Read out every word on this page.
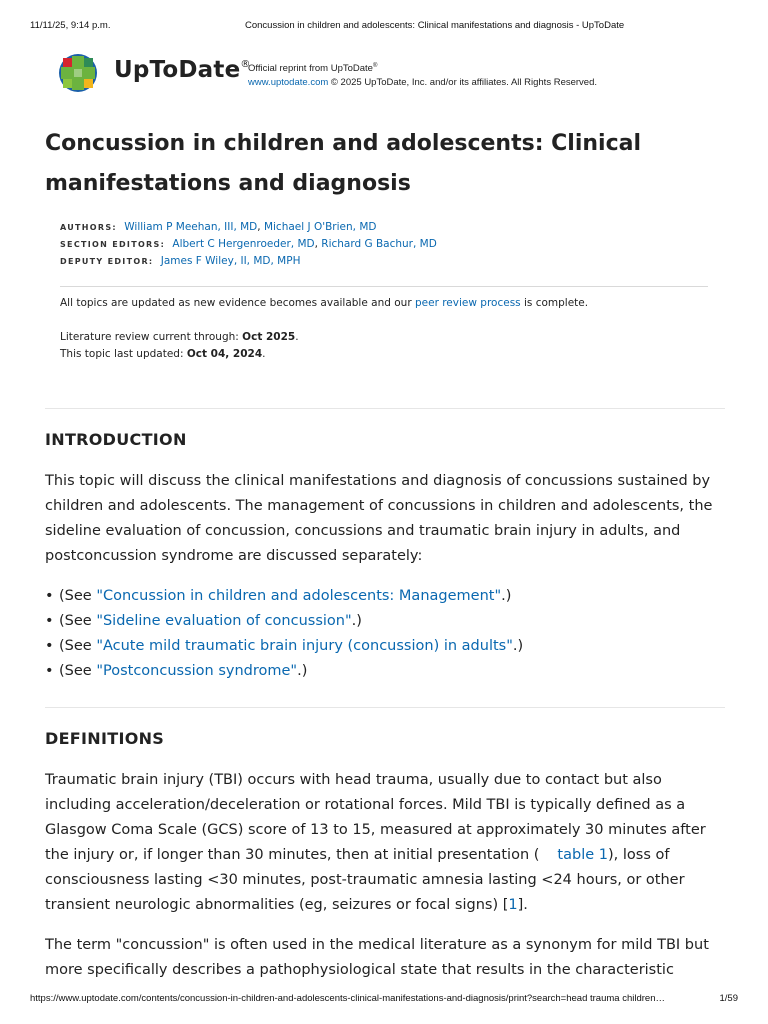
11/11/25, 9:14 p.m.	Concussion in children and adolescents: Clinical manifestations and diagnosis - UpToDate
UpToDate®
Official reprint from UpToDate®
www.uptodate.com © 2025 UpToDate, Inc. and/or its affiliates. All Rights Reserved.
Concussion in children and adolescents: Clinical manifestations and diagnosis
AUTHORS: William P Meehan, III, MD, Michael J O'Brien, MD
SECTION EDITORS: Albert C Hergenroeder, MD, Richard G Bachur, MD
DEPUTY EDITOR: James F Wiley, II, MD, MPH
All topics are updated as new evidence becomes available and our peer review process is complete.
Literature review current through: Oct 2025.
This topic last updated: Oct 04, 2024.
INTRODUCTION

This topic will discuss the clinical manifestations and diagnosis of concussions sustained by children and adolescents. The management of concussions in children and adolescents, the sideline evaluation of concussion, concussions and traumatic brain injury in adults, and postconcussion syndrome are discussed separately:

• (See "Concussion in children and adolescents: Management".)
• (See "Sideline evaluation of concussion".)
• (See "Acute mild traumatic brain injury (concussion) in adults".)
• (See "Postconcussion syndrome".)
DEFINITIONS

Traumatic brain injury (TBI) occurs with head trauma, usually due to contact but also including acceleration/deceleration or rotational forces. Mild TBI is typically defined as a Glasgow Coma Scale (GCS) score of 13 to 15, measured at approximately 30 minutes after the injury or, if longer than 30 minutes, then at initial presentation ( table 1), loss of consciousness lasting <30 minutes, post-traumatic amnesia lasting <24 hours, or other transient neurologic abnormalities (eg, seizures or focal signs) [1].

The term "concussion" is often used in the medical literature as a synonym for mild TBI but more specifically describes a pathophysiological state that results in the characteristic

https://www.uptodate.com/contents/concussion-in-children-and-adolescents-clinical-manifestations-and-diagnosis/print?search=head trauma children…	1/59
